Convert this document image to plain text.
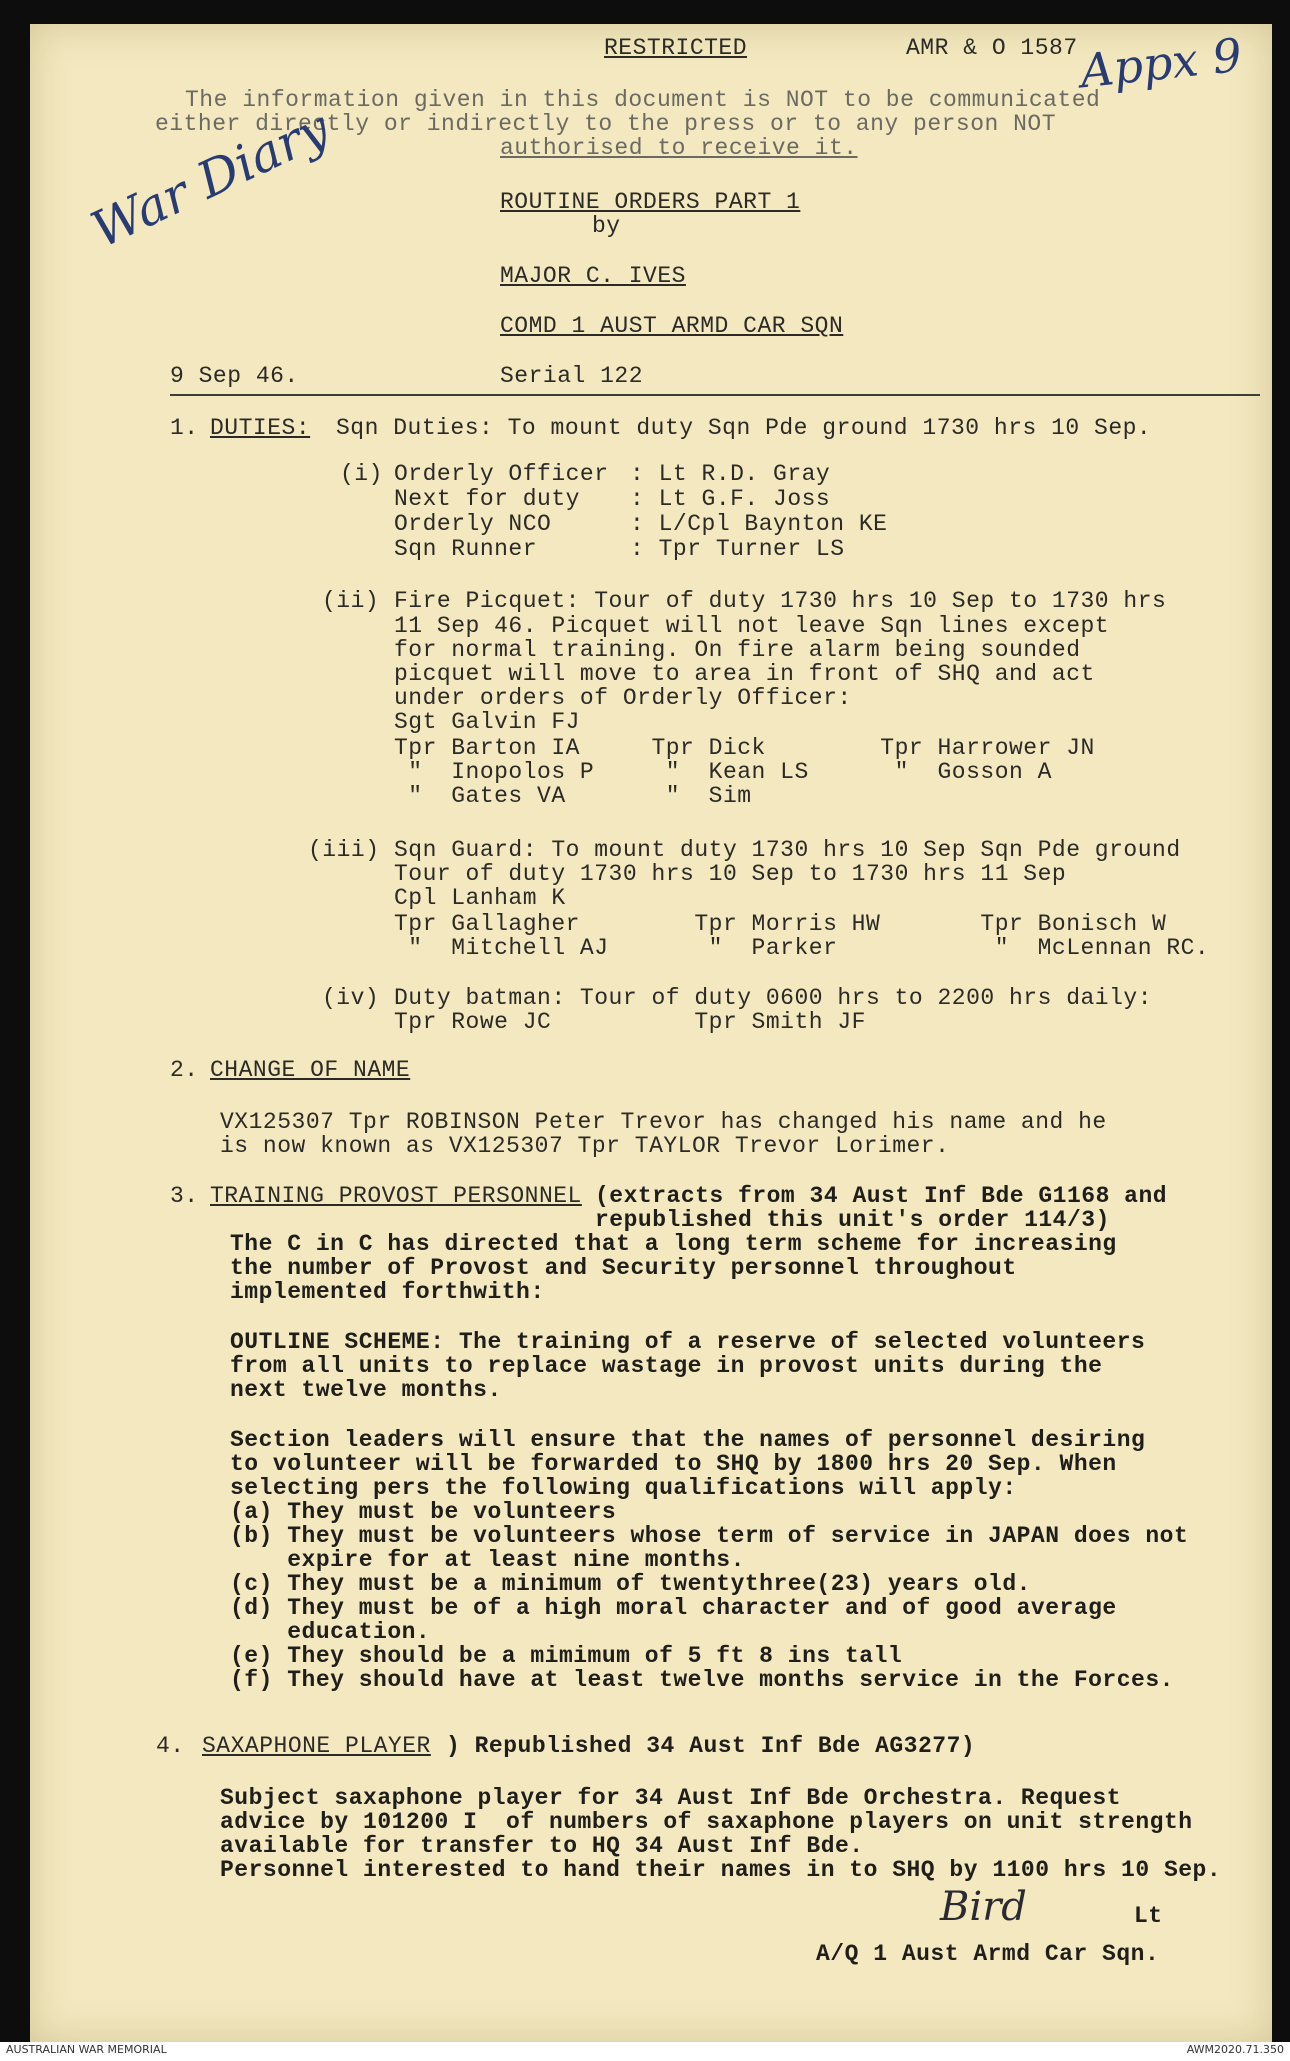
RESTRICTED	AMR & O 1587 Appx 9
The information given in this document is NOT to be communicated
either directly or indirectly to the press or to any person NOT
authorised to receive it.
War Diary	ROUTINE ORDERS PART 1
by
MAJOR C. IVES
COMD 1 AUST ARMD CAR SQN
9 Sep 46.	Serial 122
1. DUTIES: Sqn Duties: To mount duty Sqn Pde ground 1730 hrs 10 Sep.
(i) Orderly Officer : Lt R.D. Gray
Next for duty : Lt G.F. Joss
Orderly NCO	: L/Cpl Baynton KE
Sqn Runner	: Tpr Turner LS
(ii) Fire Picquet: Tour of duty 1730 hrs 10 Sep to 1730 hrs
11 Sep 46. Picquet will not leave Sqn lines except
for normal training. On fire alarm being sounded
picquet will move to area in front of SHQ and act
under orders of Orderly Officer:
Sgt Galvin FJ
Tpr Barton IA     Tpr Dick        Tpr Harrower JN
"  Inopolos P     "  Kean LS      "  Gosson A
"  Gates VA       "  Sim
(iii) Sqn Guard: To mount duty 1730 hrs 10 Sep Sqn Pde ground
Tour of duty 1730 hrs 10 Sep to 1730 hrs 11 Sep
Cpl Lanham K
Tpr Gallagher        Tpr Morris HW       Tpr Bonisch W
"  Mitchell AJ       "  Parker           "  McLennan RC.
(iv) Duty batman: Tour of duty 0600 hrs to 2200 hrs daily:
Tpr Rowe JC          Tpr Smith JF
2. CHANGE OF NAME
VX125307 Tpr ROBINSON Peter Trevor has changed his name and he
is now known as VX125307 Tpr TAYLOR Trevor Lorimer.
3. TRAINING PROVOST PERSONNEL (extracts from 34 Aust Inf Bde G1168 and
republished this unit's order 114/3)
The C in C has directed that a long term scheme for increasing
the number of Provost and Security personnel throughout
implemented forthwith:
OUTLINE SCHEME: The training of a reserve of selected volunteers
from all units to replace wastage in provost units during the
next twelve months.
Section leaders will ensure that the names of personnel desiring
to volunteer will be forwarded to SHQ by 1800 hrs 20 Sep. When
selecting pers the following qualifications will apply:
(a) They must be volunteers
(b) They must be volunteers whose term of service in JAPAN does not
expire for at least nine months.
(c) They must be a minimum of twentythree(23) years old.
(d) They must be of a high moral character and of good average
education.
(e) They should be a mimimum of 5 ft 8 ins tall
(f) They should have at least twelve months service in the Forces.
4. SAXAPHONE PLAYER ) Republished 34 Aust Inf Bde AG3277)
Subject saxaphone player for 34 Aust Inf Bde Orchestra. Request
advice by 101200 I  of numbers of saxaphone players on unit strength
available for transfer to HQ 34 Aust Inf Bde.
Personnel interested to hand their names in to SHQ by 1100 hrs 10 Sep.
Bird	Lt
A/Q 1 Aust Armd Car Sqn.
AUSTRALIAN WAR MEMORIAL	AWM2020.71.350
